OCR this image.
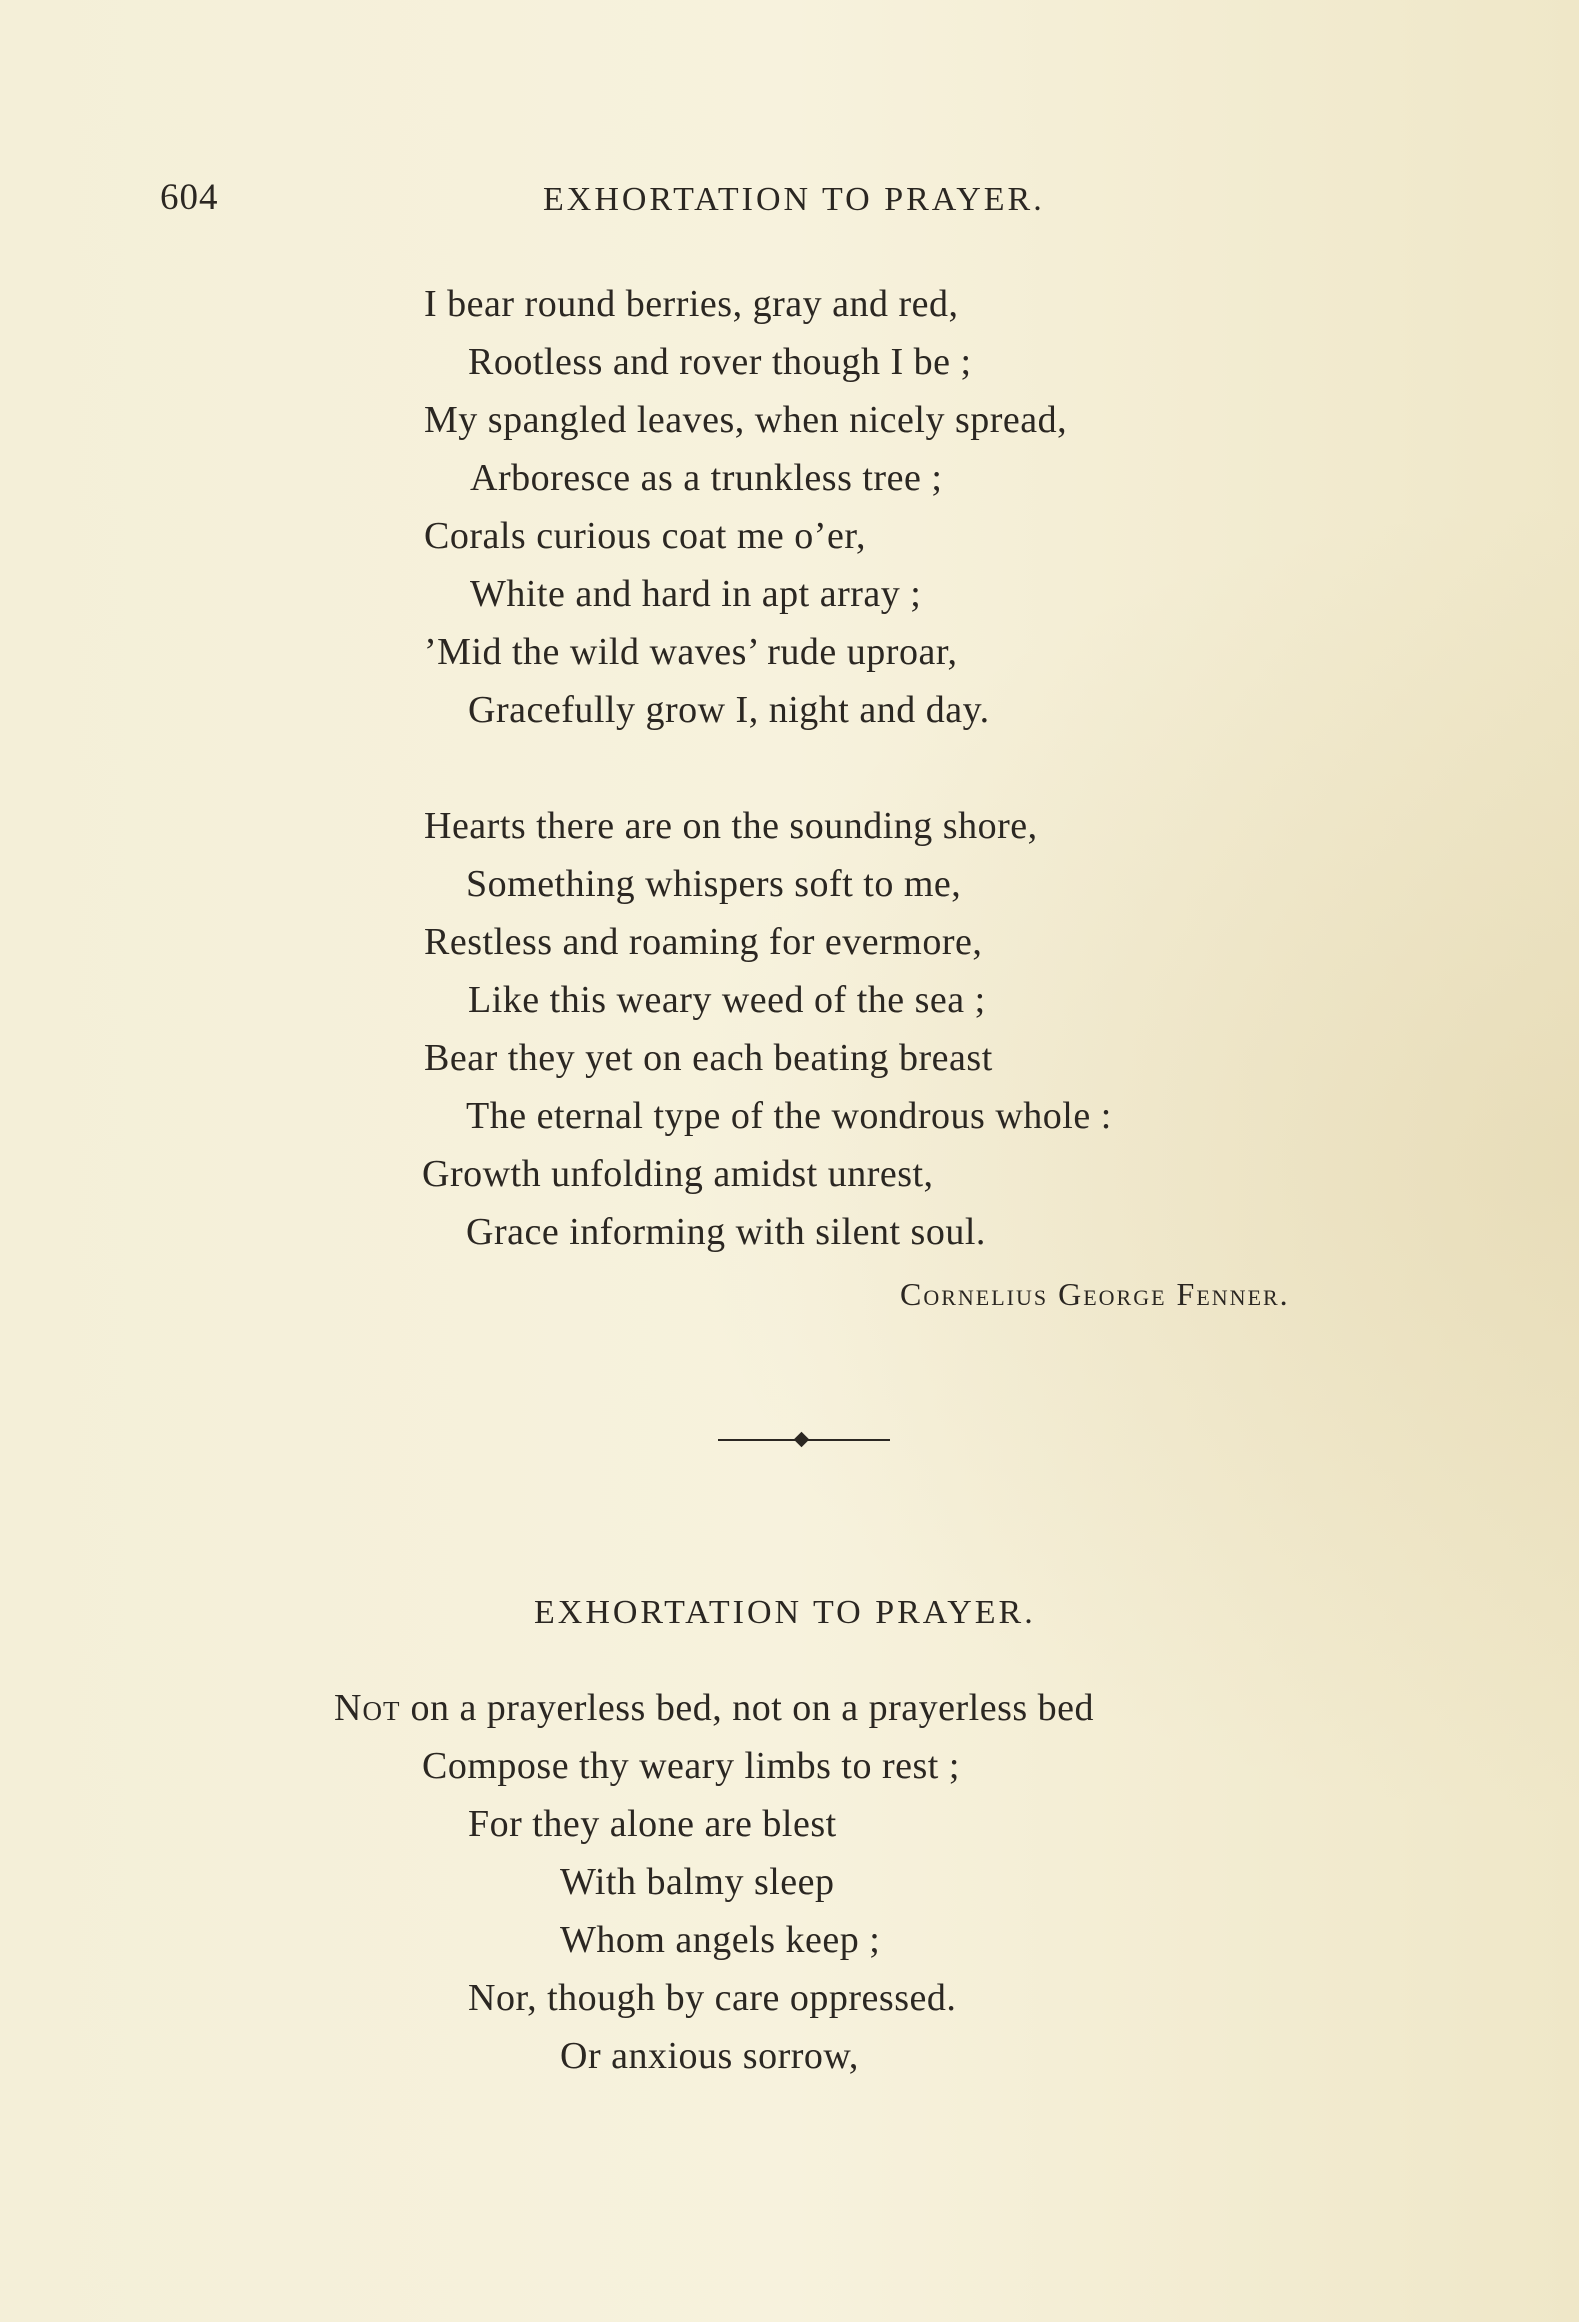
604	EXHORTATION TO PRAYER.
I bear round berries, gray and red,
Rootless and rover though I be ;
My spangled leaves, when nicely spread,
Arboresce as a trunkless tree ;
Corals curious coat me o’er,
White and hard in apt array ;
’Mid the wild waves’ rude uproar,
Gracefully grow I, night and day.
Hearts there are on the sounding shore,
Something whispers soft to me,
Restless and roaming for evermore,
Like this weary weed of the sea ;
Bear they yet on each beating breast
The eternal type of the wondrous whole :
Growth unfolding amidst unrest,
Grace informing with silent soul.
Cornelius George Fenner.
EXHORTATION TO PRAYER.
Not on a prayerless bed, not on a prayerless bed
Compose thy weary limbs to rest ;
For they alone are blest
With balmy sleep
Whom angels keep ;
Nor, though by care oppressed.
Or anxious sorrow,
